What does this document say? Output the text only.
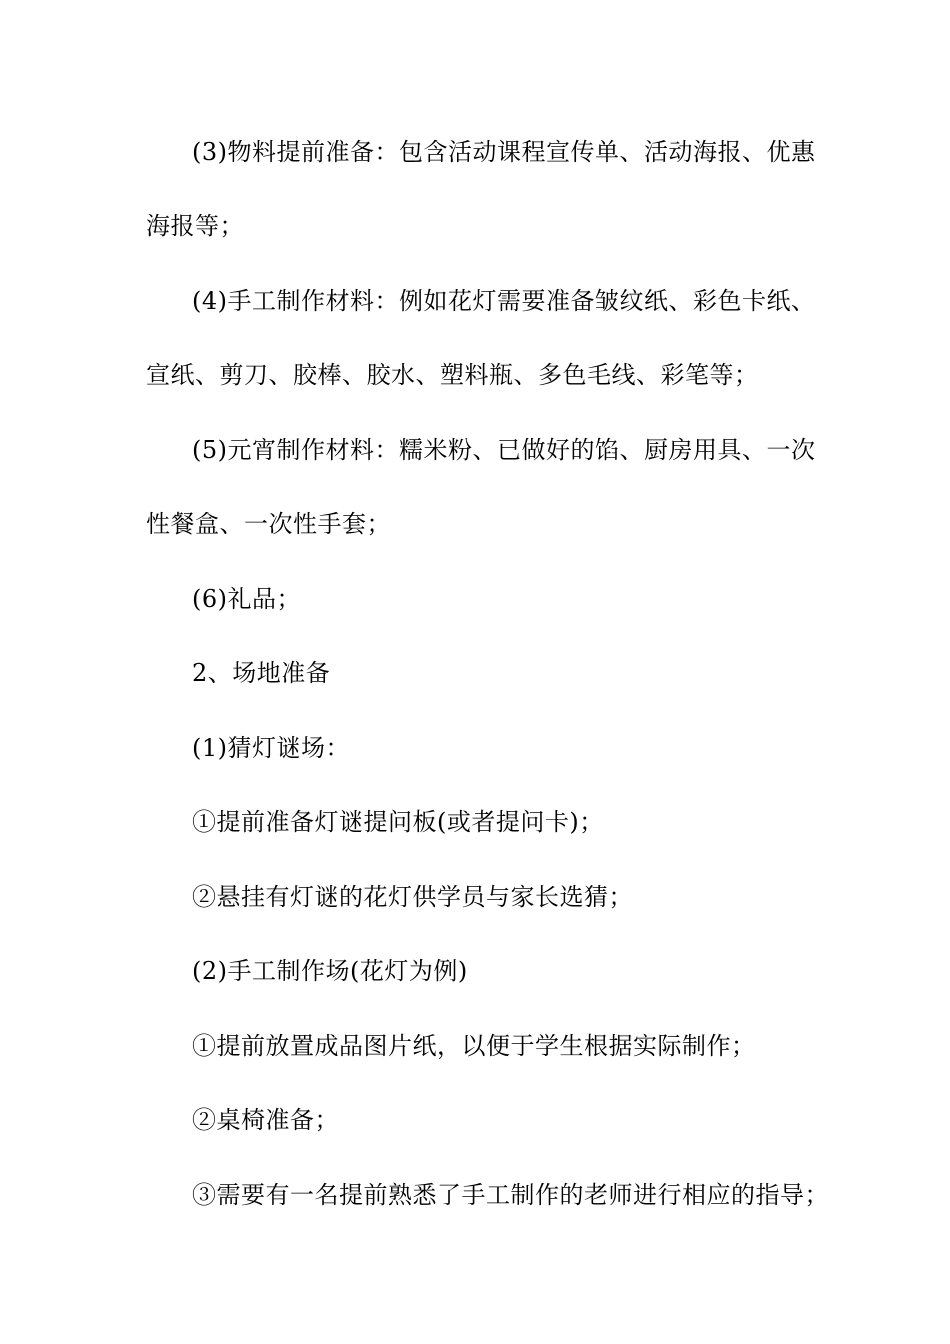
(3)物料提前准备：包含活动课程宣传单、活动海报、优惠
海报等；
(4)手工制作材料：例如花灯需要准备皱纹纸、彩色卡纸、
宣纸、剪刀、胶棒、胶水、塑料瓶、多色毛线、彩笔等；
(5)元宵制作材料：糯米粉、已做好的馅、厨房用具、一次
性餐盒、一次性手套；
(6)礼品；
2、场地准备
(1)猜灯谜场：
①提前准备灯谜提问板(或者提问卡)；
②悬挂有灯谜的花灯供学员与家长选猜；
(2)手工制作场(花灯为例)
①提前放置成品图片纸，以便于学生根据实际制作；
②桌椅准备；
③需要有一名提前熟悉了手工制作的老师进行相应的指导；
